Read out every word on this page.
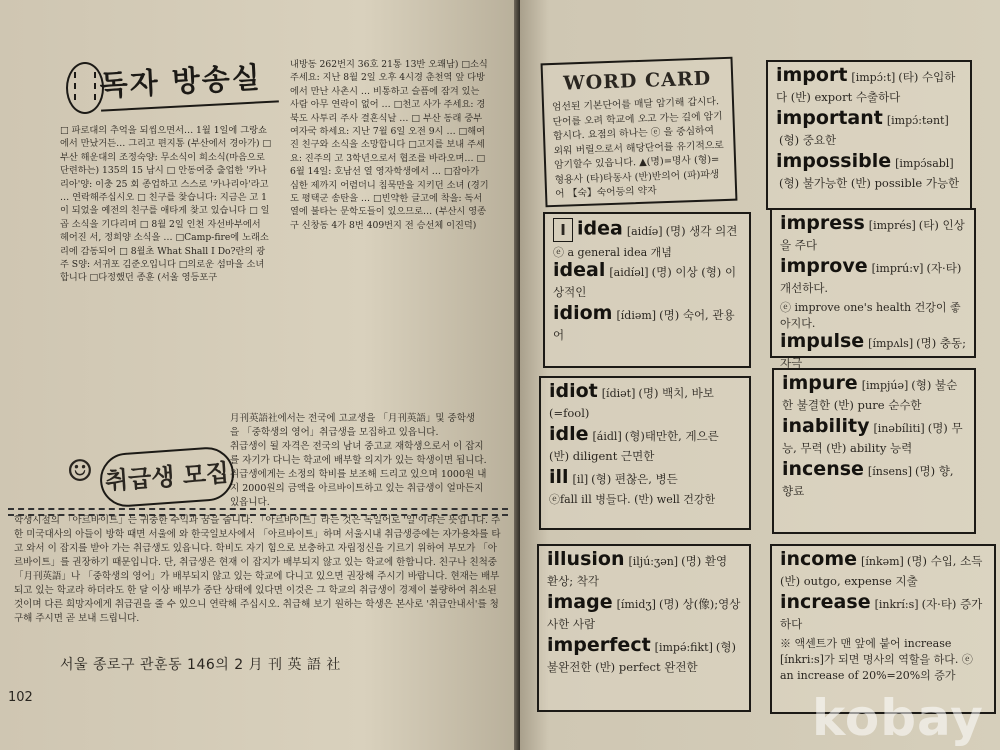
독자 방송실
□ 파로대의 추억을 되씹으면서… 1월 1일에 그랑쇼에서 만났거든… 그리고 편지통 (부산에서 경아가) □부산 해운대의 조정숙양: 무소식이 희소식(마음으로 단련하는) 135의 15 남시 □ 안동여중 출업한 '카나리아'양: 이충 25 회 종업하고 스스로 '카나리아'라고 … 연락해주십시오 □ 친구를 찾습니다: 지금은 고 1이 되었을 예전의 친구를 애타게 찾고 있습니다 □ 일곱 소식을 기다리며 □ 8월 2일 인천 자선바부에서 헤어진 서, 정희양 소식을 … □Camp-fire에 노래소리에 감동되어 □ 8월초 What Shall I Do?란의 광주 S양: 서귀포 김준오입니다 □의로운 섬마을 소녀합니다 □다정했던 종훈 (서울 영등포구
내방동 262번지 36호 21통 13반 오쾌남) □소식 주세요: 지난 8월 2일 오후 4시경 춘천역 앞 다방에서 만난 사촌시 … 비통하고 슬픔에 잠겨 있는 사람 아무 연락이 없어 … □천고 사가 주세요: 경북도 사투리 주사 결혼식날 … □ 부산 동래 중부 여자국 하세요: 지난 7월 6일 오전 9시 … □해여진 친구와 소식을 소망합니다 □고지를 보내 주세요: 진주의 고 3학년으로서 협조를 바라오며… □ 6월 14일: 호남선 열 영자학생에서 … □잡아가 심한 제까지 어렴더니 침묵만을 지키던 소녀 (경기도 평택군 송탄을 … □빈약한 글고에 착을: 독서열에 불타는 문학도들이 있으므로… (부산시 영종구 신창동 4가 8번 409번지 전 승선체 이진덕)
月刊英語社에서는 전국에 고교생을 「月刊英語」및 중학생을 「중학생의 영어」취급생을 모집하고 있읍니다.
☺ 취급생 모집
취급생이 될 자격은 전국의 남녀 중고교 재학생으로서 이 잡지를 자기가 다니는 학교에 배부할 의지가 있는 학생이면 됩니다. 취급생에게는 소정의 학비를 보조해 드리고 있으며 1000원 내지 2000원의 금액을 아르바이트하고 있는 취급생이 얼마든지 있읍니다.
학생시절의 「아르바이트」는 귀중한 수익과 꿈을 줍니다. 「아르바이트」라는 것은 독일어로 '일'이라는 뜻입니다. 주한 미국대사의 아들이 방학 때면 서울에 와 한국일보사에서 「아르바이트」하며 서울시내 취급생증에는 자가용차를 타고 와서 이 잡지를 받아 가는 취급생도 있읍니다. 학비도 자기 힘으로 보충하고 자립정신을 기르기 위하여 부모가 「아르바이트」를 권장하기 때문입니다. 단, 취급생은 현재 이 잡지가 배부되지 않고 있는 학교에 한합니다. 친구나 친척중 「月刊英語」나 「중학생의 영어」가 배부되지 않고 있는 학교에 다니고 있으면 권장해 주시기 바랍니다. 현재는 배부되고 있는 학교라 하더라도 한 달 이상 배부가 중단 상태에 있다면 이것은 그 학교의 취급생이 경제이 불량하여 취소된 것이며 다른 희망자에게 취급권을 줄 수 있으니 연락해 주십시오. 취급해 보기 원하는 학생은 본사로 '취급안내서'를 청구해 주시면 곧 보내 드립니다.
서울 종로구 관훈동 146의 2 月 刊 英 語 社
102
WORD CARD
엄선된 기본단어를 매달 암기해 갑시다. 단어를 오려 학교에 오고 가는 길에 암기합시다. 요점의 하나는 ⓔ 을 중심하여 외워 버릴으로서 해당단어를 유기적으로 암기할수 있읍니다. ▲(명)=명사 (형)=형용사 (타)타동사 (반)반의어 (파)파생어 【숙】숙어등의 약자
I idea [aidíə] (명) 생각 의견
ⓔ a general idea 개념
ideal [aidíəl] (명) 이상 (형) 이상적인
idiom [ídiəm] (명) 숙어, 관용어
idiot [ídiət] (명) 백치, 바보 (=fool)
idle [áidl] (형)태만한, 게으른 (반) diligent 근면한
ill [il] (형) 편찮은, 병든
ⓔfall ill 병들다. (반) well 건강한
illusion [iljú:ʒən] (명) 환영 환상; 착각
image [ímidʒ] (명) 상(像);영상 사한 사람
imperfect [impə́:fikt] (형) 불완전한 (반) perfect 완전한
import [impɔ́:t] (타) 수입하다 (반) export 수출하다
important [impɔ́:tənt](형) 중요한
impossible [impɔ́sabl](형) 불가능한 (반) possible 가능한
impress [imprés] (타) 인상을 주다
improve [imprú:v] (자·타) 개선하다.
ⓔ improve one's health 건강이 좋아지다.
impulse [ímpʌls] (명) 충동; 자극
impure [impjúə] (형) 불순한 불결한 (반) pure 순수한
inability [inəbíliti] (명) 무능, 무력 (반) ability 능력
incense [ínsens] (명) 향, 향료
income [ínkəm] (명) 수입, 소득 (반) outgo, expense 지출
increase [inkrí:s] (자·타) 증가하다
※ 액센트가 맨 앞에 붙어 increase [ínkri:s]가 되면 명사의 역할을 하다. ⓔ an increase of 20%=20%의 증가
kobay
